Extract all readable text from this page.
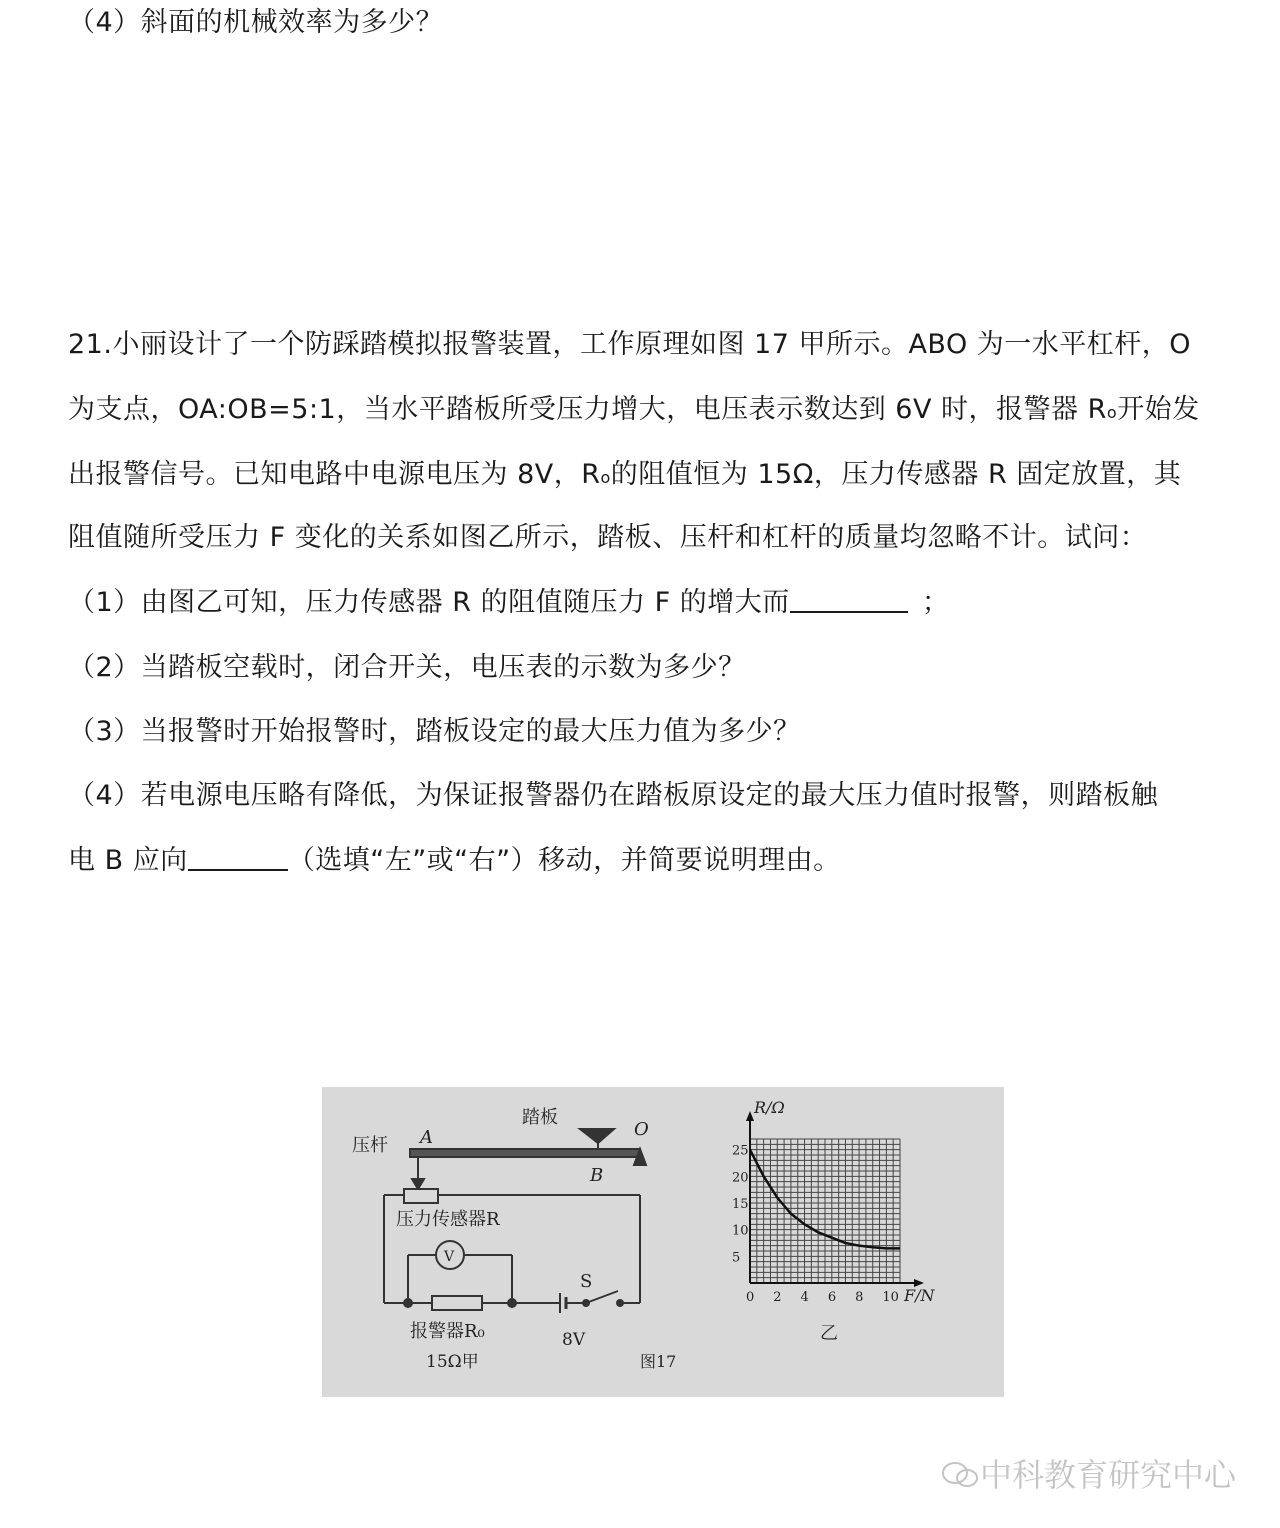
（4）斜面的机械效率为多少？
21.小丽设计了一个防踩踏模拟报警装置，工作原理如图 17 甲所示。ABO 为一水平杠杆，O
为支点，OA:OB=5:1，当水平踏板所受压力增大，电压表示数达到 6V 时，报警器 Ro开始发
出报警信号。已知电路中电源电压为 8V，Ro的阻值恒为 15Ω，压力传感器 R 固定放置，其
阻值随所受压力 F 变化的关系如图乙所示，踏板、压杆和杠杆的质量均忽略不计。试问：
（1）由图乙可知，压力传感器 R 的阻值随压力 F 的增大而	；
（2）当踏板空载时，闭合开关，电压表的示数为多少？
（3）当报警时开始报警时，踏板设定的最大压力值为多少？
（4）若电源电压略有降低，为保证报警器仍在踏板原设定的最大压力值时报警，则踏板触
电 B 应向	（选填“左”或“右”）移动，并简要说明理由。
压杆 A
踏板
O
B
压力传感器R
V
S
报警器R₀
15Ω甲
8V
图17
5
10
15
20
25
0 2 4 6 8 10
R/Ω
F/N
乙
中科教育研究中心
